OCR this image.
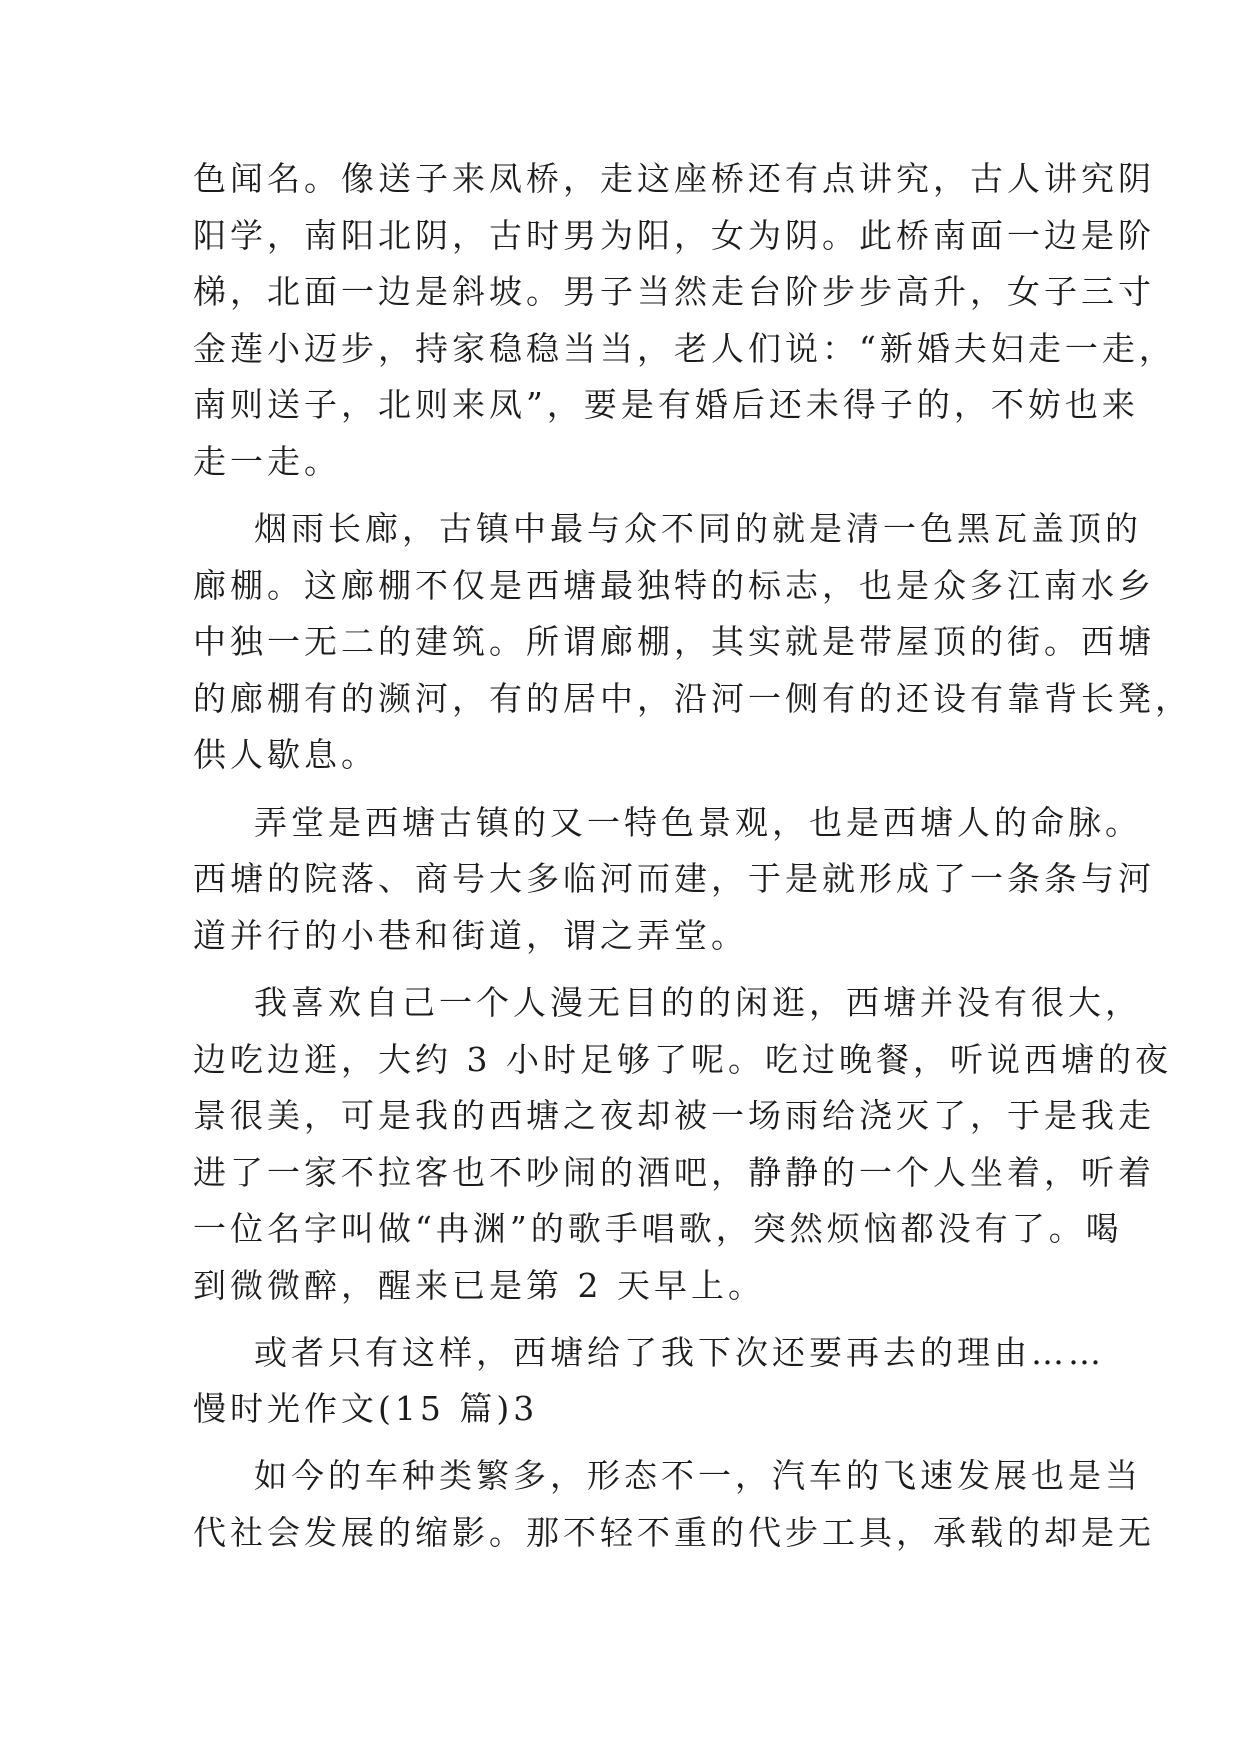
色闻名。像送子来凤桥，走这座桥还有点讲究，古人讲究阴
阳学，南阳北阴，古时男为阳，女为阴。此桥南面一边是阶
梯，北面一边是斜坡。男子当然走台阶步步高升，女子三寸
金莲小迈步，持家稳稳当当，老人们说：“新婚夫妇走一走，
南则送子，北则来凤”，要是有婚后还未得子的，不妨也来
走一走。
烟雨长廊，古镇中最与众不同的就是清一色黑瓦盖顶的
廊棚。这廊棚不仅是西塘最独特的标志，也是众多江南水乡
中独一无二的建筑。所谓廊棚，其实就是带屋顶的街。西塘
的廊棚有的濒河，有的居中，沿河一侧有的还设有靠背长凳，
供人歇息。
弄堂是西塘古镇的又一特色景观，也是西塘人的命脉。
西塘的院落、商号大多临河而建，于是就形成了一条条与河
道并行的小巷和街道，谓之弄堂。
我喜欢自己一个人漫无目的的闲逛，西塘并没有很大，
边吃边逛，大约 3 小时足够了呢。吃过晚餐，听说西塘的夜
景很美，可是我的西塘之夜却被一场雨给浇灭了，于是我走
进了一家不拉客也不吵闹的酒吧，静静的一个人坐着，听着
一位名字叫做“冉渊”的歌手唱歌，突然烦恼都没有了。喝
到微微醉，醒来已是第 2 天早上。
或者只有这样，西塘给了我下次还要再去的理由……
慢时光作文(15 篇)3
如今的车种类繁多，形态不一，汽车的飞速发展也是当
代社会发展的缩影。那不轻不重的代步工具，承载的却是无
